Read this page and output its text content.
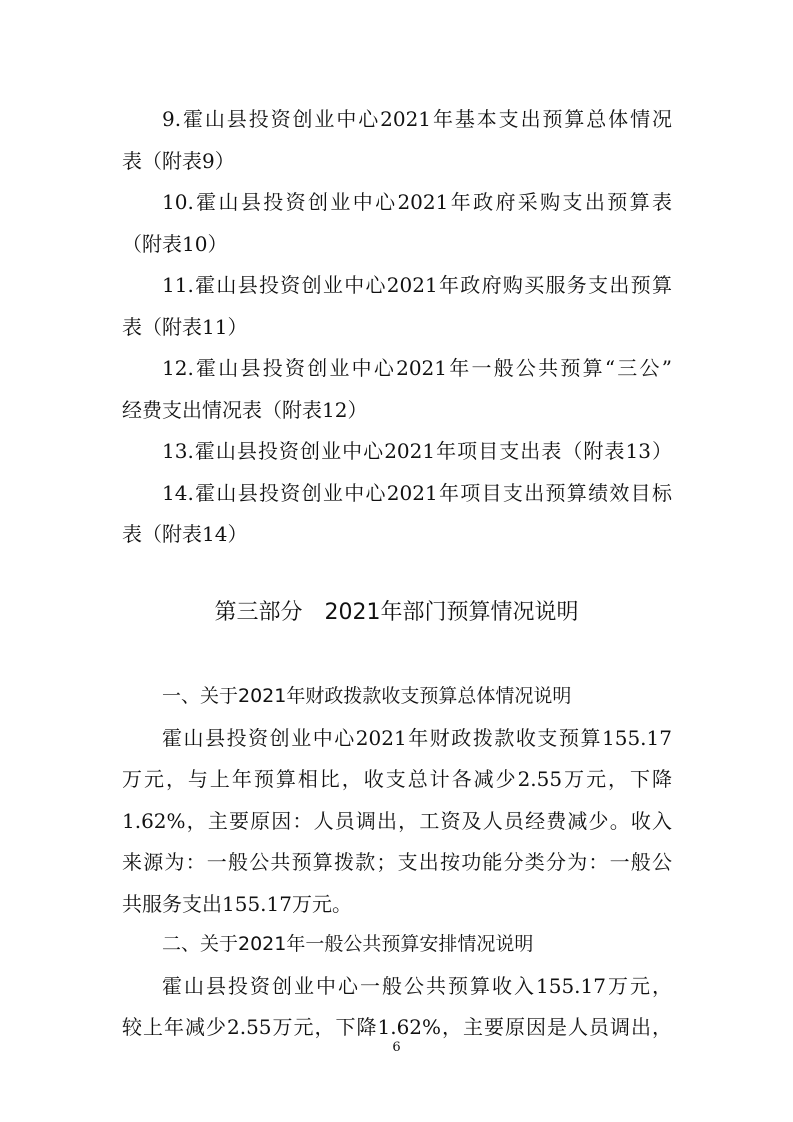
9.霍山县投资创业中心2021年基本支出预算总体情况
表（附表9）
10.霍山县投资创业中心2021年政府采购支出预算表
（附表10）
11.霍山县投资创业中心2021年政府购买服务支出预算
表（附表11）
12.霍山县投资创业中心2021年一般公共预算“三公”
经费支出情况表（附表12）
13.霍山县投资创业中心2021年项目支出表（附表13）
14.霍山县投资创业中心2021年项目支出预算绩效目标
表（附表14）
第三部分　2021年部门预算情况说明
一、关于2021年财政拨款收支预算总体情况说明
霍山县投资创业中心2021年财政拨款收支预算155.17
万元，与上年预算相比，收支总计各减少2.55万元，下降
1.62%，主要原因：人员调出，工资及人员经费减少。收入
来源为：一般公共预算拨款；支出按功能分类分为：一般公
共服务支出155.17万元。
二、关于2021年一般公共预算安排情况说明
霍山县投资创业中心一般公共预算收入155.17万元，
较上年减少2.55万元，下降1.62%，主要原因是人员调出，
6
